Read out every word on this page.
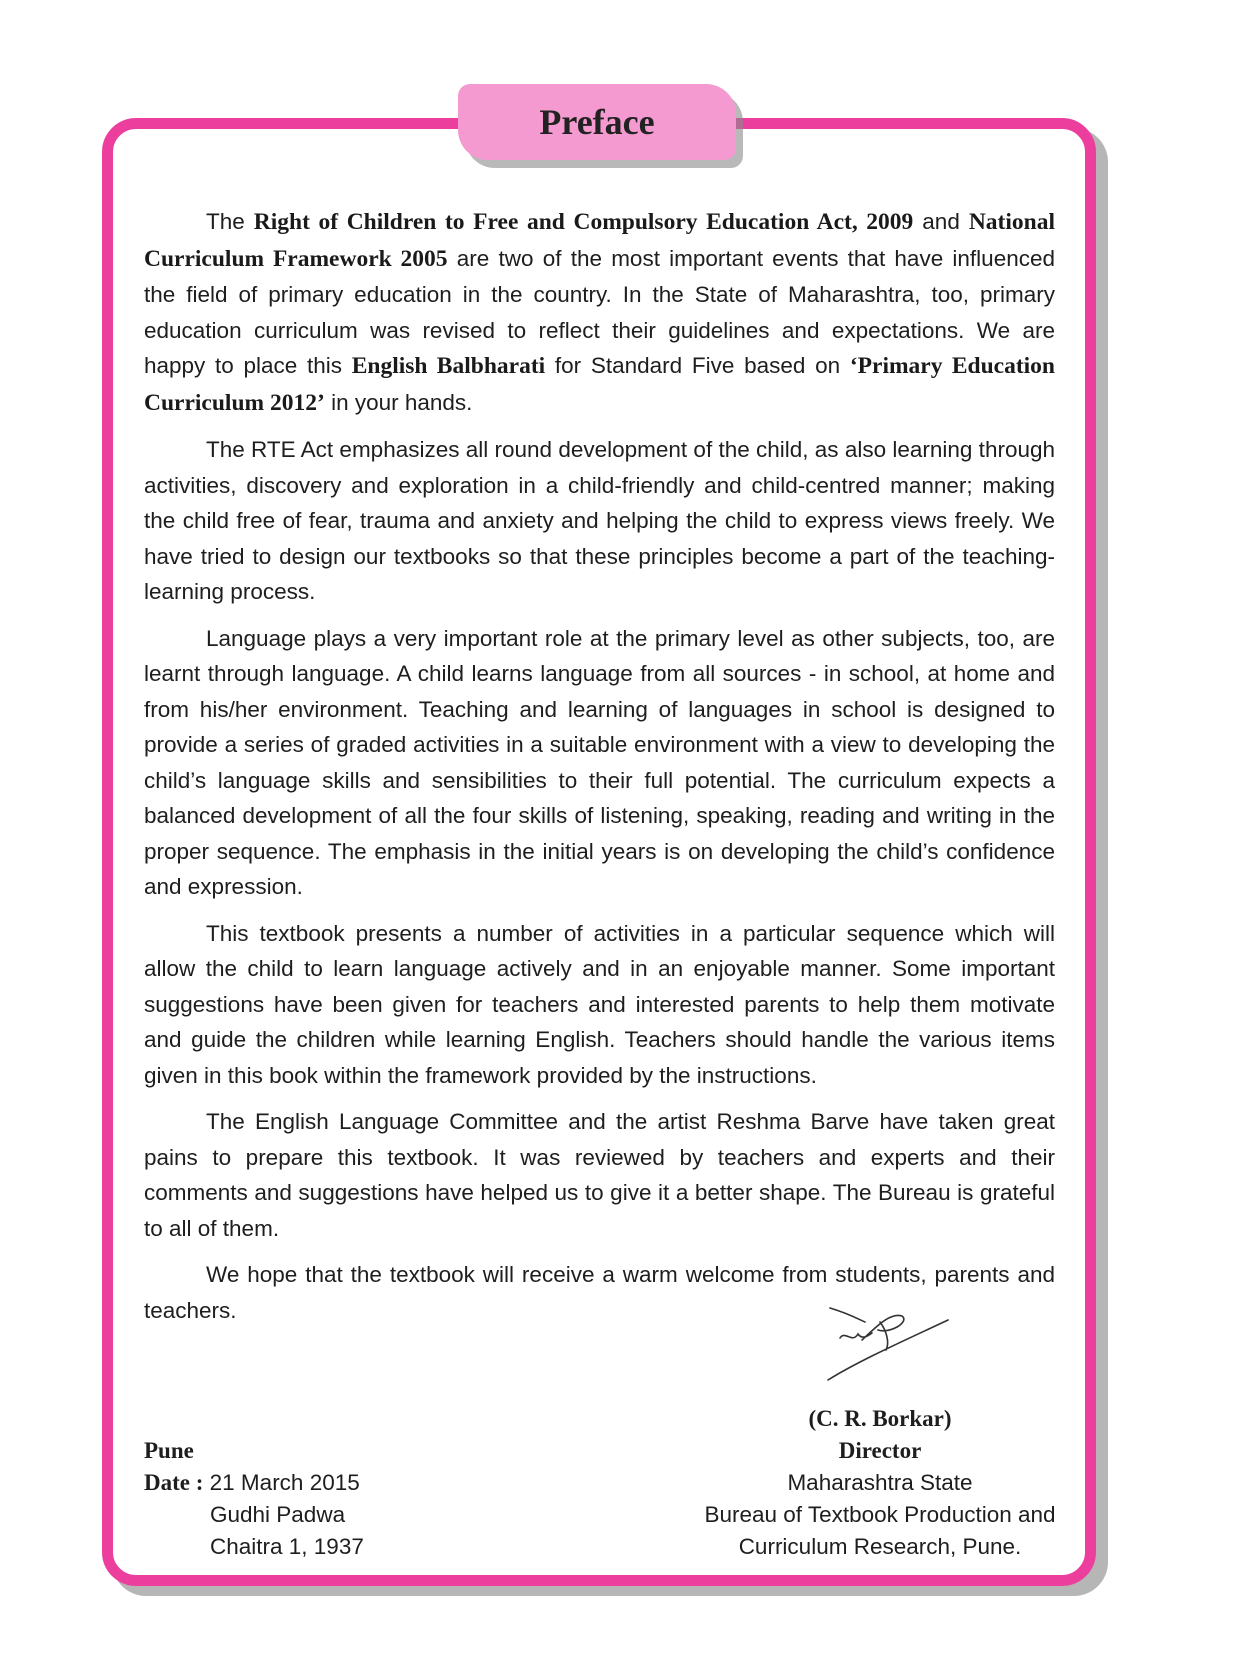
Preface

The Right of Children to Free and Compulsory Education Act, 2009 and National Curriculum Framework 2005 are two of the most important events that have influenced the field of primary education in the country. In the State of Maharashtra, too, primary education curriculum was revised to reflect their guidelines and expectations. We are happy to place this English Balbharati for Standard Five based on ‘Primary Education Curriculum 2012’ in your hands.

The RTE Act emphasizes all round development of the child, as also learning through activities, discovery and exploration in a child-friendly and child-centred manner; making the child free of fear, trauma and anxiety and helping the child to express views freely. We have tried to design our textbooks so that these principles become a part of the teaching-learning process.

Language plays a very important role at the primary level as other subjects, too, are learnt through language. A child learns language from all sources - in school, at home and from his/her environment. Teaching and learning of languages in school is designed to provide a series of graded activities in a suitable environment with a view to developing the child’s language skills and sensibilities to their full potential. The curriculum expects a balanced development of all the four skills of listening, speaking, reading and writing in the proper sequence. The emphasis in the initial years is on developing the child’s confidence and expression.

This textbook presents a number of activities in a particular sequence which will allow the child to learn language actively and in an enjoyable manner. Some important suggestions have been given for teachers and interested parents to help them motivate and guide the children while learning English. Teachers should handle the various items given in this book within the framework provided by the instructions.

The English Language Committee and the artist Reshma Barve have taken great pains to prepare this textbook. It was reviewed by teachers and experts and their comments and suggestions have helped us to give it a better shape. The Bureau is grateful to all of them.

We hope that the textbook will receive a warm welcome from students, parents and teachers.

(C. R. Borkar)
Director
Maharashtra State
Bureau of Textbook Production and
Curriculum Research, Pune.
Pune
Date : 21 March 2015
Gudhi Padwa
Chaitra 1, 1937
